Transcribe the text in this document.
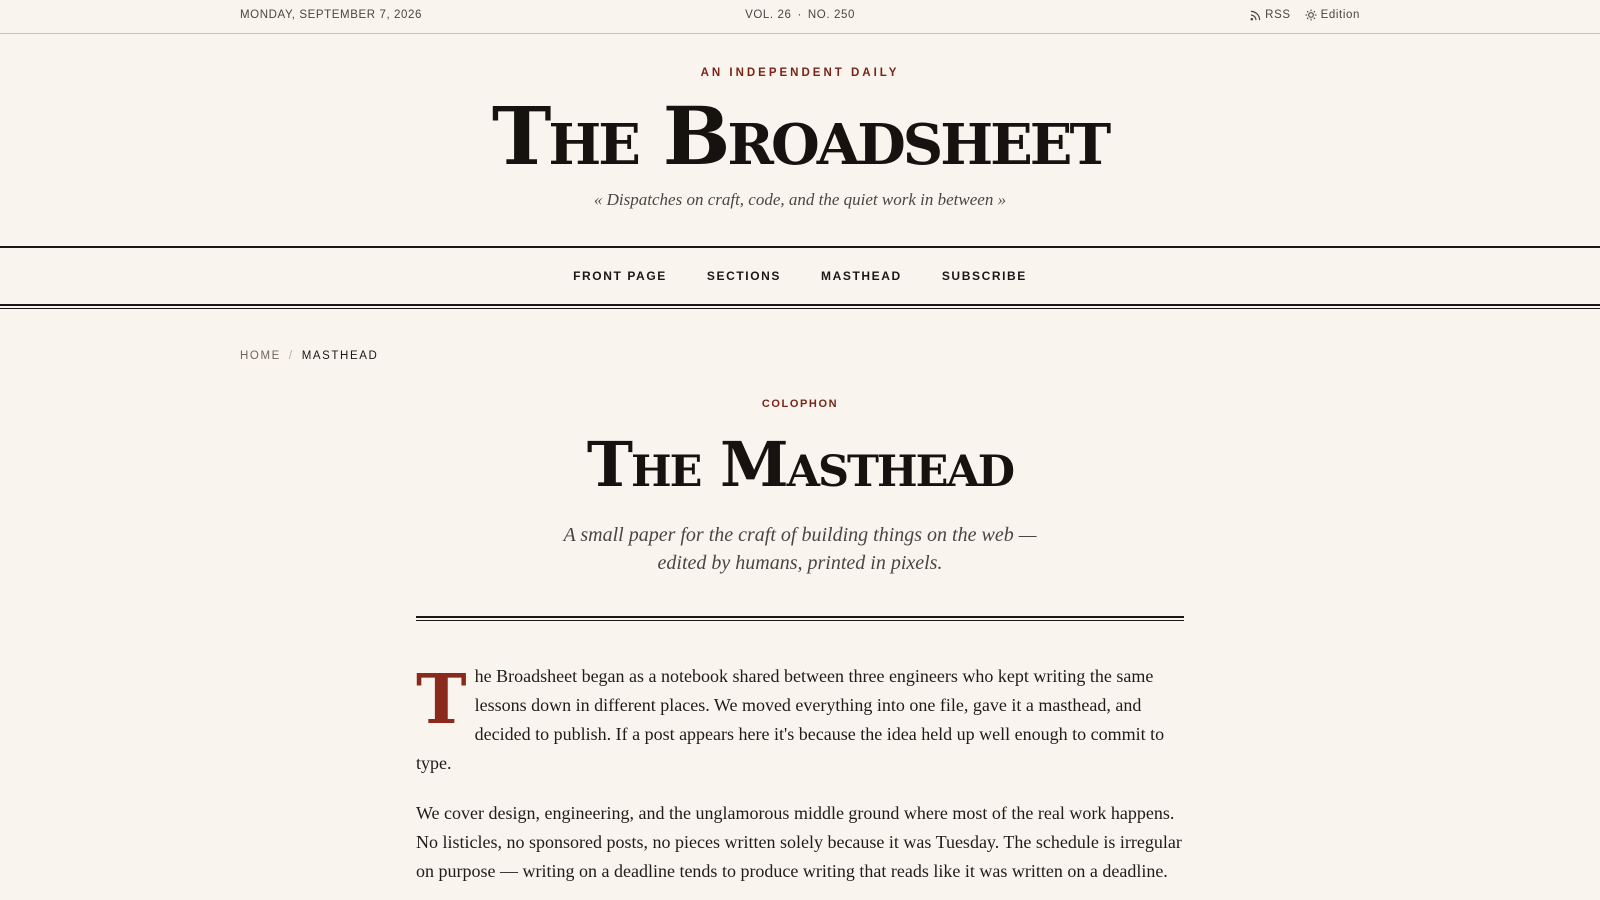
MONDAY, SEPTEMBER 7, 2026	VOL. 26 · NO. 250	RSS	Edition
AN INDEPENDENT DAILY
The Broadsheet
« Dispatches on craft, code, and the quiet work in between »
FRONT PAGE	SECTIONS	MASTHEAD	SUBSCRIBE
HOME / MASTHEAD
COLOPHON
The Masthead
A small paper for the craft of building things on the web — edited by humans, printed in pixels.

The Broadsheet began as a notebook shared between three engineers who kept writing the same lessons down in different places. We moved everything into one file, gave it a masthead, and decided to publish. If a post appears here it's because the idea held up well enough to commit to type.

We cover design, engineering, and the unglamorous middle ground where most of the real work happens. No listicles, no sponsored posts, no pieces written solely because it was Tuesday. The schedule is irregular on purpose — writing on a deadline tends to produce writing that reads like it was written on a deadline.
